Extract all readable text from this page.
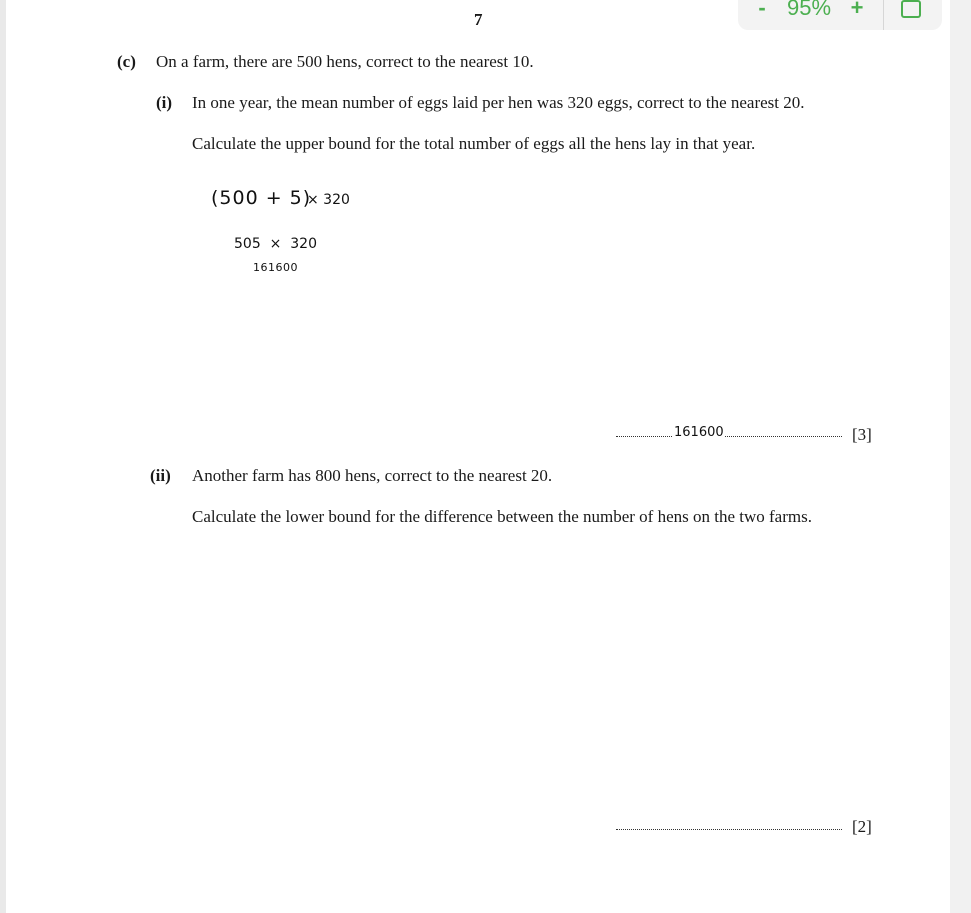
- 95% +
7
(c) On a farm, there are 500 hens, correct to the nearest 10.
(i) In one year, the mean number of eggs laid per hen was 320 eggs, correct to the nearest 20.
Calculate the upper bound for the total number of eggs all the hens lay in that year.
(500 + 5)
× 320
505  ×  320
161600
161600	[3]
(ii) Another farm has 800 hens, correct to the nearest 20.
Calculate the lower bound for the difference between the number of hens on the two farms.
[2]
